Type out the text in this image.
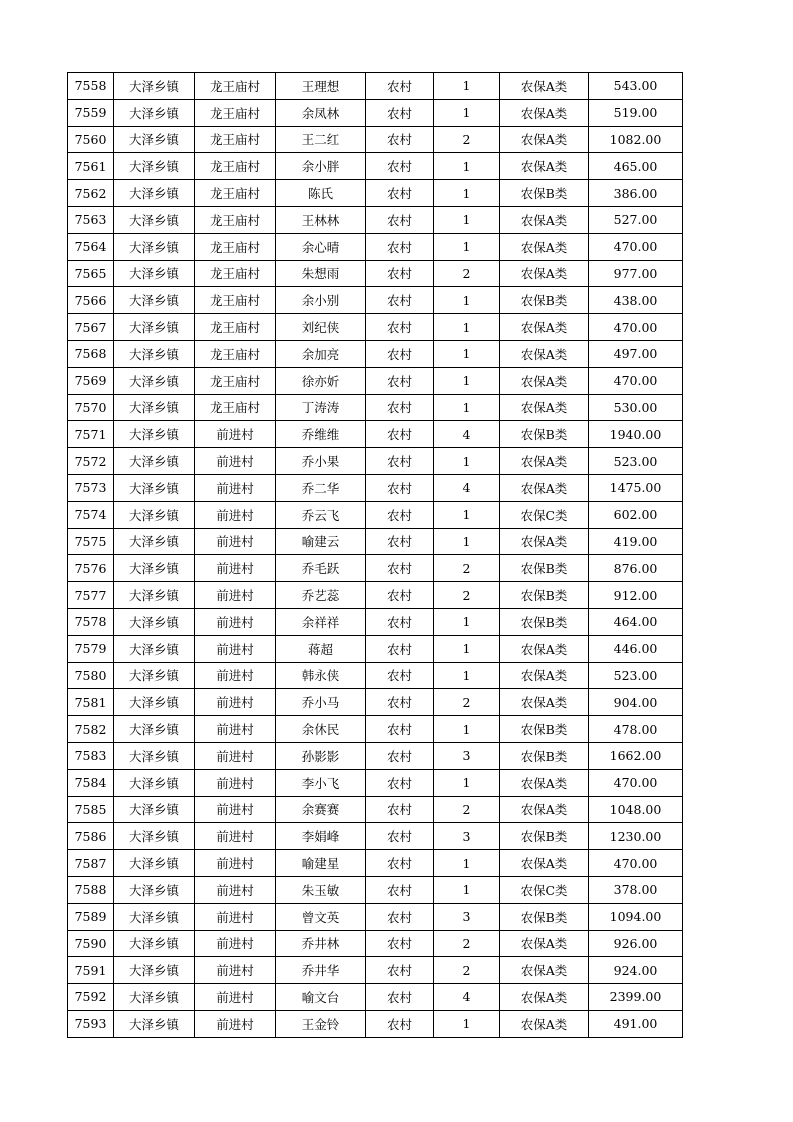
7558	大泽乡镇	龙王庙村	王理想	农村	1	农保A类	543.00
7559	大泽乡镇	龙王庙村	余凤林	农村	1	农保A类	519.00
7560	大泽乡镇	龙王庙村	王二红	农村	2	农保A类	1082.00
7561	大泽乡镇	龙王庙村	余小胖	农村	1	农保A类	465.00
7562	大泽乡镇	龙王庙村	陈氏	农村	1	农保B类	386.00
7563	大泽乡镇	龙王庙村	王林林	农村	1	农保A类	527.00
7564	大泽乡镇	龙王庙村	余心晴	农村	1	农保A类	470.00
7565	大泽乡镇	龙王庙村	朱想雨	农村	2	农保A类	977.00
7566	大泽乡镇	龙王庙村	余小别	农村	1	农保B类	438.00
7567	大泽乡镇	龙王庙村	刘纪侠	农村	1	农保A类	470.00
7568	大泽乡镇	龙王庙村	余加亮	农村	1	农保A类	497.00
7569	大泽乡镇	龙王庙村	徐亦妡	农村	1	农保A类	470.00
7570	大泽乡镇	龙王庙村	丁涛涛	农村	1	农保A类	530.00
7571	大泽乡镇	前进村	乔维维	农村	4	农保B类	1940.00
7572	大泽乡镇	前进村	乔小果	农村	1	农保A类	523.00
7573	大泽乡镇	前进村	乔二华	农村	4	农保A类	1475.00
7574	大泽乡镇	前进村	乔云飞	农村	1	农保C类	602.00
7575	大泽乡镇	前进村	喻建云	农村	1	农保A类	419.00
7576	大泽乡镇	前进村	乔毛跃	农村	2	农保B类	876.00
7577	大泽乡镇	前进村	乔艺蕊	农村	2	农保B类	912.00
7578	大泽乡镇	前进村	余祥祥	农村	1	农保B类	464.00
7579	大泽乡镇	前进村	蒋超	农村	1	农保A类	446.00
7580	大泽乡镇	前进村	韩永侠	农村	1	农保A类	523.00
7581	大泽乡镇	前进村	乔小马	农村	2	农保A类	904.00
7582	大泽乡镇	前进村	余休民	农村	1	农保B类	478.00
7583	大泽乡镇	前进村	孙影影	农村	3	农保B类	1662.00
7584	大泽乡镇	前进村	李小飞	农村	1	农保A类	470.00
7585	大泽乡镇	前进村	余赛赛	农村	2	农保A类	1048.00
7586	大泽乡镇	前进村	李娟峰	农村	3	农保B类	1230.00
7587	大泽乡镇	前进村	喻建星	农村	1	农保A类	470.00
7588	大泽乡镇	前进村	朱玉敏	农村	1	农保C类	378.00
7589	大泽乡镇	前进村	曾文英	农村	3	农保B类	1094.00
7590	大泽乡镇	前进村	乔井林	农村	2	农保A类	926.00
7591	大泽乡镇	前进村	乔井华	农村	2	农保A类	924.00
7592	大泽乡镇	前进村	喻文台	农村	4	农保A类	2399.00
7593	大泽乡镇	前进村	王金铃	农村	1	农保A类	491.00
